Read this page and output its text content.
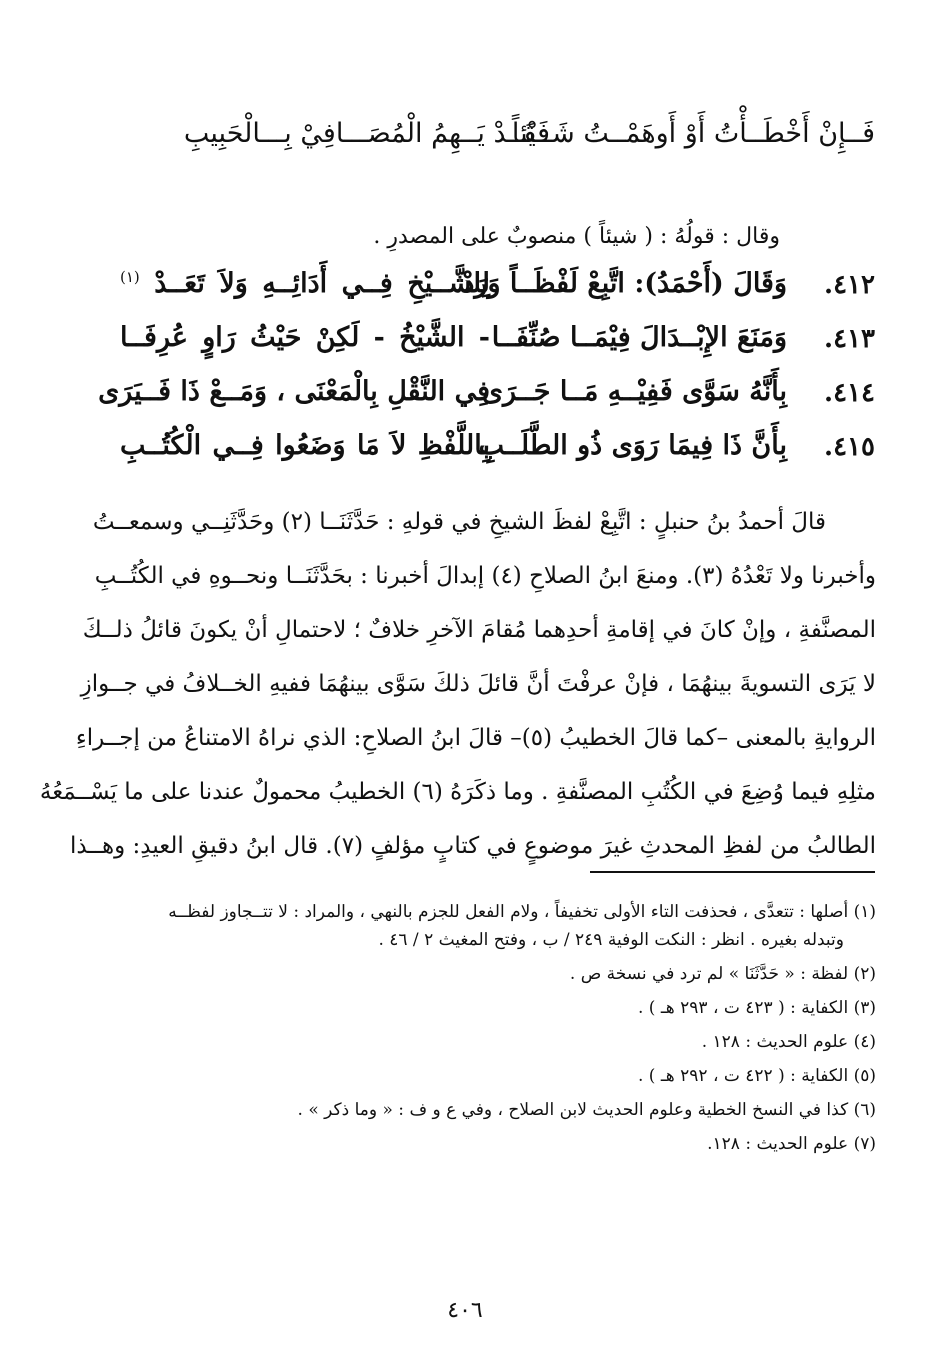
فَــإِنْ أَخْطَــأْتُ أَوْ أَوهَمْــتُ شَــيْئاً
فَقَــدْ يَــهِمُ الْمُصَـــافِيْ بِـــالْحَبِيبِ
وقال : قولُهُ : ( شيئاً ) منصوبٌ على المصدرِ .
٤١٢.
وَقَالَ (أَحْمَدُ): اتَّبِعْ لَفْظَــاً وَرَدْ
لِلشَّــيْخِ فِــي أَدَائِــهِ وَلاَ تَعَــدْ $^{(١)}$
٤١٣.
وَمَنَعَ الإِبْــدَالَ فِيْمَــا صُنِّفَــا
- الشَّيْخُ - لَكِنْ حَيْثُ رَاوٍ عُرِفَــا
٤١٤.
بِأَنَّهُ سَوَّى فَفِيْــهِ مَــا جَــرَى
فِي النَّقْلِ بِالْمَعْنَى ، وَمَــعْ ذَا فَــيَرَى
٤١٥.
بِأَنَّ ذَا فِيمَا رَوَى ذُو الطَّلَــبِ
بِاللَّفْظِ لاَ مَا وَضَعُوا فِــي الْكُتُــبِ
قالَ أحمدُ بنُ حنبلٍ : اتَّبِعْ لفظَ الشيخِ في قولهِ : حَدَّثَنَــا (٢) وحَدَّثَنِــي وسمعــتُ
وأخبرنا ولا تَعْدُهُ (٣). ومنعَ ابنُ الصلاحِ (٤) إبدالَ أخبرنا : بحَدَّثَنَــا ونحــوهِ في الكُتُــبِ
المصنَّفةِ ، وإنْ كانَ في إقامةِ أحدِهما مُقامَ الآخرِ خلافٌ ؛ لاحتمالِ أنْ يكونَ قائلُ ذلــكَ
لا يَرَى التسويةَ بينهُمَا ، فإنْ عرفْتَ أنَّ قائلَ ذلكَ سَوَّى بينهُمَا ففيهِ الخــلافُ في جــوازِ
الروايةِ بالمعنى –كما قالَ الخطيبُ (٥)– قالَ ابنُ الصلاحِ: الذي نراهُ الامتناعُ من إجــراءِ
مثلِهِ فيما وُضِعَ في الكُتُبِ المصنَّفةِ . وما ذكَرَهُ (٦) الخطيبُ محمولٌ عندنا على ما يَسْــمَعُهُ
الطالبُ من لفظِ المحدثِ غيرَ موضوعٍ في كتابٍ مؤلفٍ (٧). قال ابنُ دقيقِ العيدِ: وهــذا
(١) أصلها : تتعدَّى ، فحذفت التاء الأولى تخفيفاً ، ولام الفعل للجزم بالنهي ، والمراد : لا تتــجاوز لفظــه
وتبدله بغيره . انظر : النكت الوفية ٢٤٩ / ب ، وفتح المغيث ٢ / ٤٦ .
(٢) لفظة : « حَدَّثَنَا » لم ترد في نسخة ص .
(٣) الكفاية : ( ٤٢٣ ت ، ٢٩٣ هـ ) .
(٤) علوم الحديث : ١٢٨ .
(٥) الكفاية : ( ٤٢٢ ت ، ٢٩٢ هـ ) .
(٦) كذا في النسخ الخطية وعلوم الحديث لابن الصلاح ، وفي ع و ف : « وما ذكر » .
(٧) علوم الحديث : ١٢٨.
٤٠٦
